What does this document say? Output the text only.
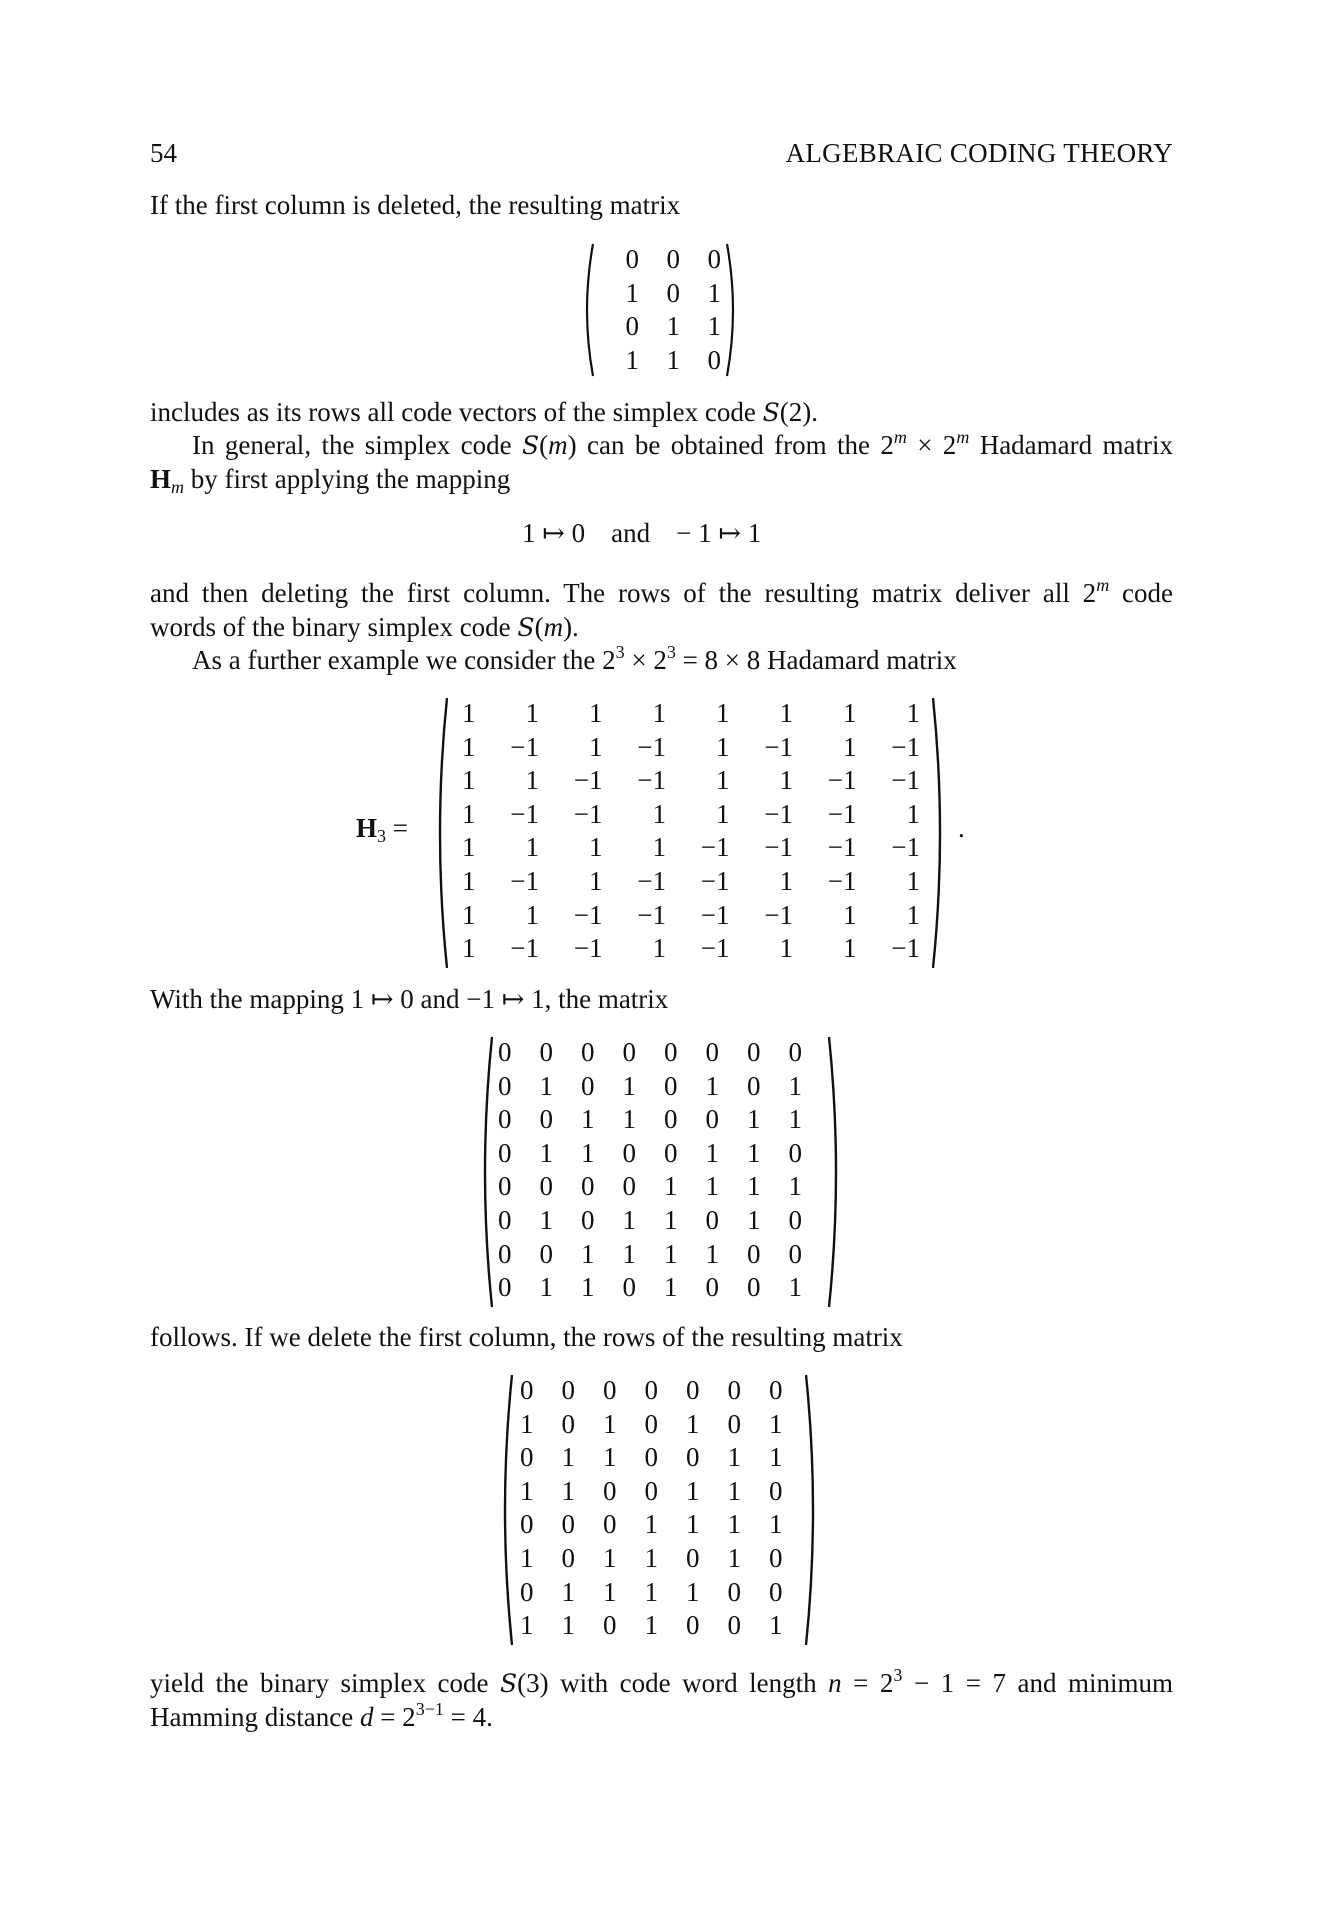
54	ALGEBRAIC CODING THEORY
If the first column is deleted, the resulting matrix
0	0	0
1	0	1
0	1	1
1	1	0
includes as its rows all code vectors of the simplex code S(2).
In general, the simplex code S(m) can be obtained from the $2^m \times 2^m$ Hadamard matrix
$H_m$ by first applying the mapping
1 ↦ 0 and − 1 ↦ 1
and then deleting the first column. The rows of the resulting matrix deliver all 2$^m$ code
words of the binary simplex code S(m).
As a further example we consider the $2^3 \times 2^3 = 8 \times 8$ Hadamard matrix
$H_3$ =
1	1	1	1	1	1	1	1
1	−1	1	−1	1	−1	1	−1
1	1	−1	−1	1	1	−1	−1
1	−1	−1	1	1	−1	−1	1
1	1	1	1	−1	−1	−1	−1
1	−1	1	−1	−1	1	−1	1
1	1	−1	−1	−1	−1	1	1
1	−1	−1	1	−1	1	1	−1
.
With the mapping 1 ↦ 0 and −1 ↦ 1, the matrix
0	0	0	0	0	0	0	0
0	1	0	1	0	1	0	1
0	0	1	1	0	0	1	1
0	1	1	0	0	1	1	0
0	0	0	0	1	1	1	1
0	1	0	1	1	0	1	0
0	0	1	1	1	1	0	0
0	1	1	0	1	0	0	1
follows. If we delete the first column, the rows of the resulting matrix
0	0	0	0	0	0	0
1	0	1	0	1	0	1
0	1	1	0	0	1	1
1	1	0	0	1	1	0
0	0	0	1	1	1	1
1	0	1	1	0	1	0
0	1	1	1	1	0	0
1	1	0	1	0	0	1
yield the binary simplex code S(3) with code word length $n = 2^3 - 1 = 7$ and minimum
Hamming distance $d = 2^{3-1} = 4$.
